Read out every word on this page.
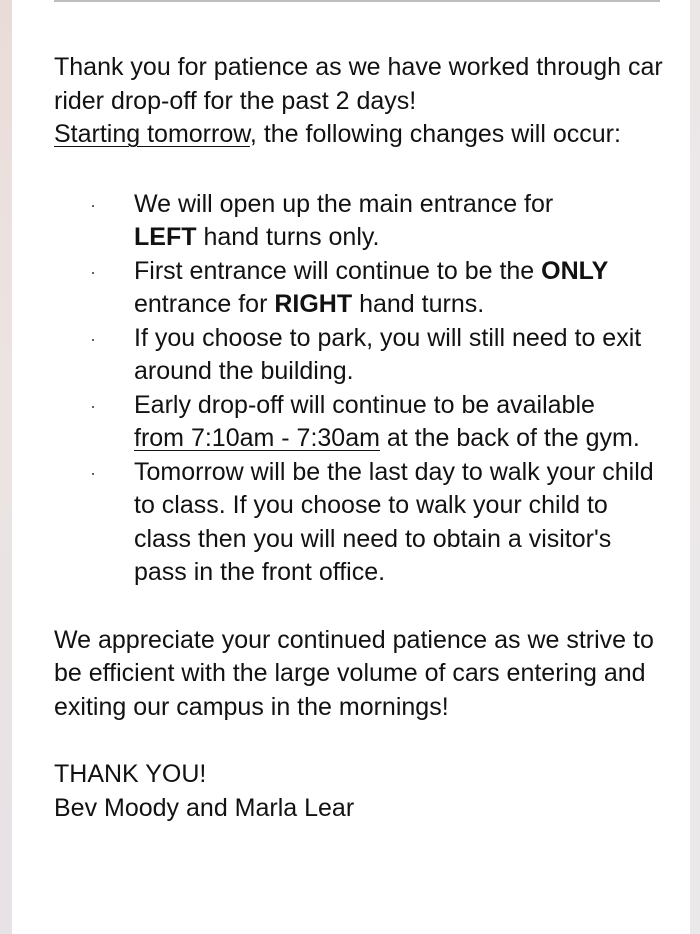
Thank you for patience as we have worked through car rider drop-off for the past 2 days!
Starting tomorrow, the following changes will occur:

We will open up the main entrance for
LEFT hand turns only.
First entrance will continue to be the ONLY
entrance for RIGHT hand turns.
If you choose to park, you will still need to exit around the building.
Early drop-off will continue to be available
from 7:10am - 7:30am at the back of the gym.
Tomorrow will be the last day to walk your child to class. If you choose to walk your child to class then you will need to obtain a visitor's pass in the front office.

We appreciate your continued patience as we strive to be efficient with the large volume of cars entering and exiting our campus in the mornings!

THANK YOU!
Bev Moody and Marla Lear
